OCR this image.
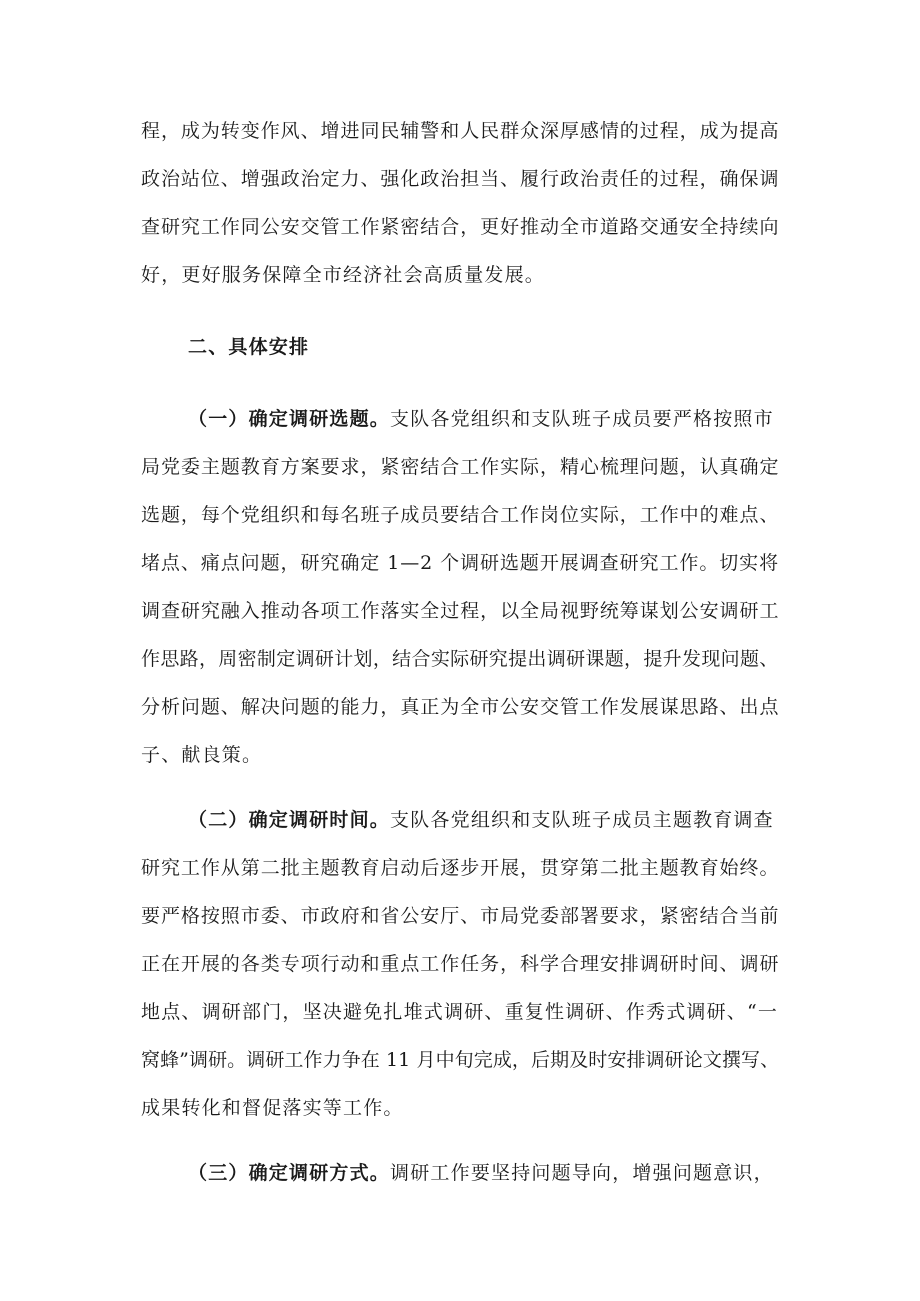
程，成为转变作风、增进同民辅警和人民群众深厚感情的过程，成为提高
政治站位、增强政治定力、强化政治担当、履行政治责任的过程，确保调
查研究工作同公安交管工作紧密结合，更好推动全市道路交通安全持续向
好，更好服务保障全市经济社会高质量发展。
二、具体安排
（一）确定调研选题。支队各党组织和支队班子成员要严格按照市
局党委主题教育方案要求，紧密结合工作实际，精心梳理问题，认真确定
选题，每个党组织和每名班子成员要结合工作岗位实际，工作中的难点、
堵点、痛点问题，研究确定 1—2 个调研选题开展调查研究工作。切实将
调查研究融入推动各项工作落实全过程，以全局视野统筹谋划公安调研工
作思路，周密制定调研计划，结合实际研究提出调研课题，提升发现问题、
分析问题、解决问题的能力，真正为全市公安交管工作发展谋思路、出点
子、献良策。
（二）确定调研时间。支队各党组织和支队班子成员主题教育调查
研究工作从第二批主题教育启动后逐步开展，贯穿第二批主题教育始终。
要严格按照市委、市政府和省公安厅、市局党委部署要求，紧密结合当前
正在开展的各类专项行动和重点工作任务，科学合理安排调研时间、调研
地点、调研部门，坚决避免扎堆式调研、重复性调研、作秀式调研、“一
窝蜂”调研。调研工作力争在 11 月中旬完成，后期及时安排调研论文撰写、
成果转化和督促落实等工作。
（三）确定调研方式。调研工作要坚持问题导向，增强问题意识，
